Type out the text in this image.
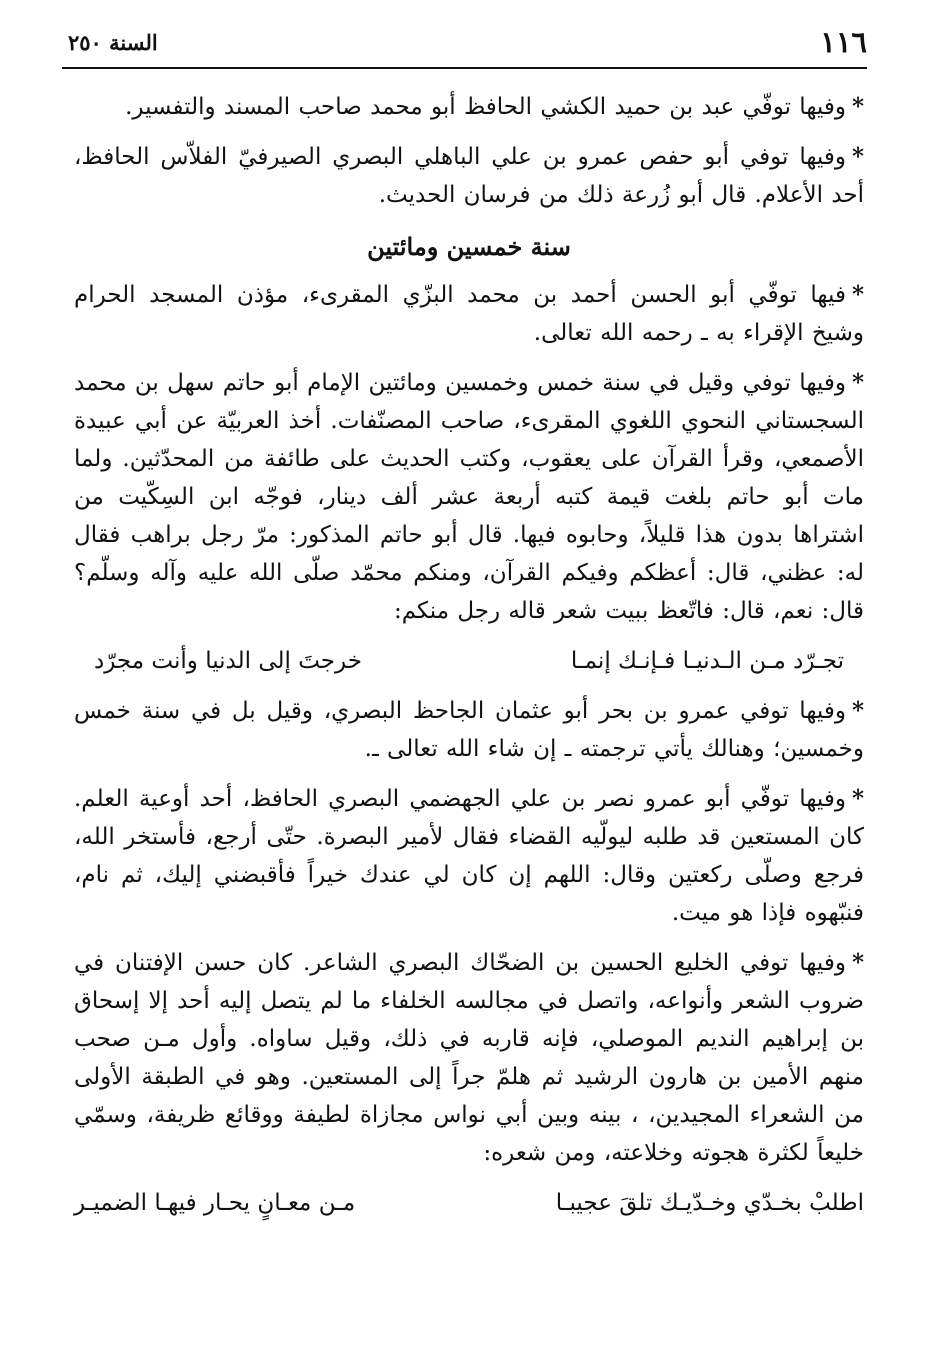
١١٦
السنة ٢٥٠

*وفيها توفّي عبد بن حميد الكشي الحافظ أبو محمد صاحب المسند والتفسير.

*وفيها توفي أبو حفص عمرو بن علي الباهلي البصري الصيرفيّ الفلاّس الحافظ، أحد الأعلام. قال أبو زُرعة ذلك من فرسان الحديث.

سنة خمسين ومائتين

*فيها توفّي أبو الحسن أحمد بن محمد البزّي المقرىء، مؤذن المسجد الحرام وشيخ الإقراء به ـ رحمه الله تعالى.

*وفيها توفي وقيل في سنة خمس وخمسين ومائتين الإمام أبو حاتم سهل بن محمد السجستاني النحوي اللغوي المقرىء، صاحب المصنّفات. أخذ العربيّة عن أبي عبيدة الأصمعي، وقرأ القرآن على يعقوب، وكتب الحديث على طائفة من المحدّثين. ولما مات أبو حاتم بلغت قيمة كتبه أربعة عشر ألف دينار، فوجّه ابن السِكّيت من اشتراها بدون هذا قليلاً، وحابوه فيها. قال أبو حاتم المذكور: مرّ رجل براهب فقال له: عظني، قال: أعظكم وفيكم القرآن، ومنكم محمّد صلّى الله عليه وآله وسلّم؟ قال: نعم، قال: فاتّعظ ببيت شعر قاله رجل منكم:

تجـرّد مـن الـدنيـا فـإنـك إنمـا
خرجتَ إلى الدنيا وأنت مجرّد

*وفيها توفي عمرو بن بحر أبو عثمان الجاحظ البصري، وقيل بل في سنة خمس وخمسين؛ وهنالك يأتي ترجمته ـ إن شاء الله تعالى ـ.

*وفيها توفّي أبو عمرو نصر بن علي الجهضمي البصري الحافظ، أحد أوعية العلم. كان المستعين قد طلبه ليولّيه القضاء فقال لأمير البصرة. حتّى أرجع، فأستخر الله، فرجع وصلّى ركعتين وقال: اللهم إن كان لي عندك خيراً فأقبضني إليك، ثم نام، فنبّهوه فإذا هو ميت.

*وفيها توفي الخليع الحسين بن الضحّاك البصري الشاعر. كان حسن الإفتنان في ضروب الشعر وأنواعه، واتصل في مجالسه الخلفاء ما لم يتصل إليه أحد إلا إسحاق بن إبراهيم النديم الموصلي، فإنه قاربه في ذلك، وقيل ساواه. وأول مـن صحب منهم الأمين بن هارون الرشيد ثم هلمّ جراً إلى المستعين. وهو في الطبقة الأولى من الشعراء المجيدين، ، بينه وبين أبي نواس مجازاة لطيفة ووقائع ظريفة، وسمّي خليعاً لكثرة هجوته وخلاعته، ومن شعره:

اطلبْ بخـدّي وخـدّيـك تلقَ عجيبـا
مـن معـانٍ يحـار فيهـا الضميـر
